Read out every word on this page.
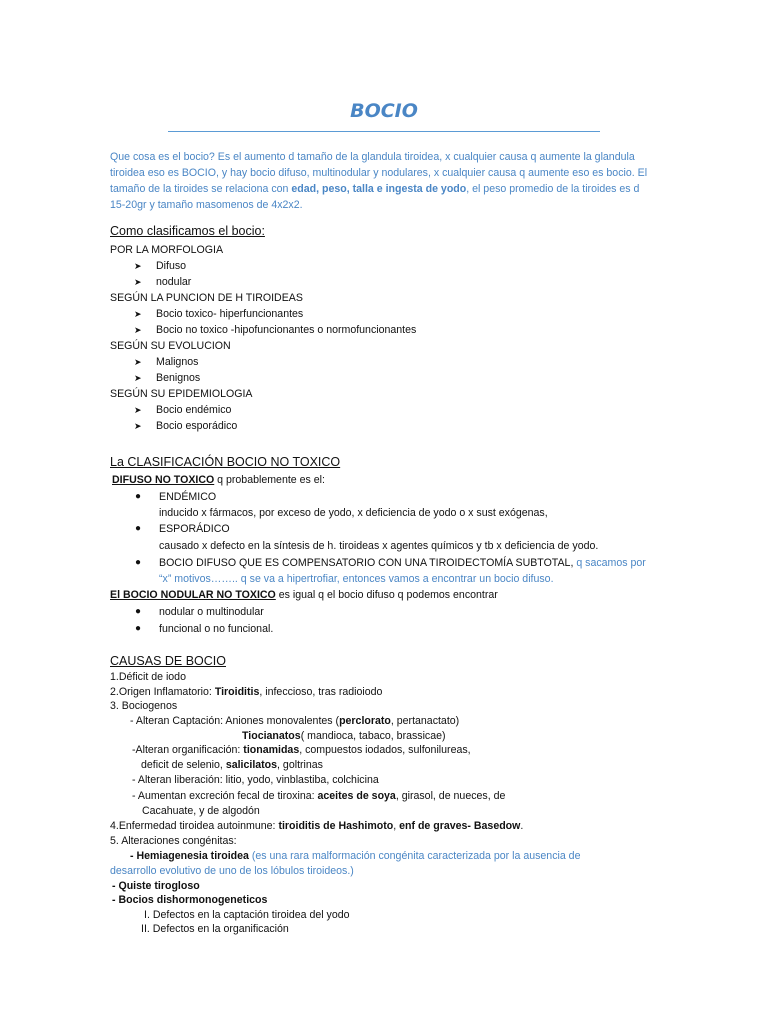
BOCIO
Que cosa es el bocio? Es el aumento d tamaño de la glandula tiroidea, x cualquier causa q aumente la glandula tiroidea eso es BOCIO, y hay bocio difuso, multinodular y nodulares, x cualquier causa q aumente eso es bocio. El tamaño de la tiroides se relaciona con edad, peso, talla e ingesta de yodo, el peso promedio de la tiroides es d 15-20gr y tamaño masomenos de 4x2x2.
Como clasificamos el bocio:
POR LA MORFOLOGIA
➤ Difuso
➤ nodular
SEGÚN LA PUNCION DE H TIROIDEAS
➤ Bocio toxico- hiperfuncionantes
➤ Bocio no toxico -hipofuncionantes o normofuncionantes
SEGÚN SU EVOLUCION
➤ Malignos
➤ Benignos
SEGÚN SU EPIDEMIOLOGIA
➤ Bocio endémico
➤ Bocio esporádico
La CLASIFICACIÓN BOCIO NO TOXICO
DIFUSO NO TOXICO q probablemente es el:
● ENDÉMICO
inducido x fármacos, por exceso de yodo, x deficiencia de yodo o x sust exógenas,
● ESPORÁDICO
causado x defecto en la síntesis de h. tiroideas x agentes químicos y tb x deficiencia de yodo.
● BOCIO DIFUSO QUE ES COMPENSATORIO CON UNA TIROIDECTOMÍA SUBTOTAL, q sacamos por
“x” motivos…….. q se va a hipertrofiar, entonces vamos a encontrar un bocio difuso.
El BOCIO NODULAR NO TOXICO es igual q el bocio difuso q podemos encontrar
● nodular o multinodular
● funcional o no funcional.
CAUSAS DE BOCIO
1.Déficit de iodo
2.Origen Inflamatorio: Tiroiditis, infeccioso, tras radioiodo
3. Bociogenos
- Alteran Captación: Aniones monovalentes (perclorato, pertanactato)
Tiocianatos( mandioca, tabaco, brassicae)
-Alteran organificación: tionamidas, compuestos iodados, sulfonilureas,
deficit de selenio, salicilatos, goltrinas
- Alteran liberación: litio, yodo, vinblastiba, colchicina
- Aumentan excreción fecal de tiroxina: aceites de soya, girasol, de nueces, de
Cacahuate, y de algodón
4.Enfermedad tiroidea autoinmune: tiroiditis de Hashimoto, enf de graves- Basedow.
5. Alteraciones congénitas:
- Hemiagenesia tiroidea (es una rara malformación congénita caracterizada por la ausencia de
desarrollo evolutivo de uno de los lóbulos tiroideos.)
- Quiste tirogloso
- Bocios dishormonogeneticos
I. Defectos en la captación tiroidea del yodo
II. Defectos en la organificación
